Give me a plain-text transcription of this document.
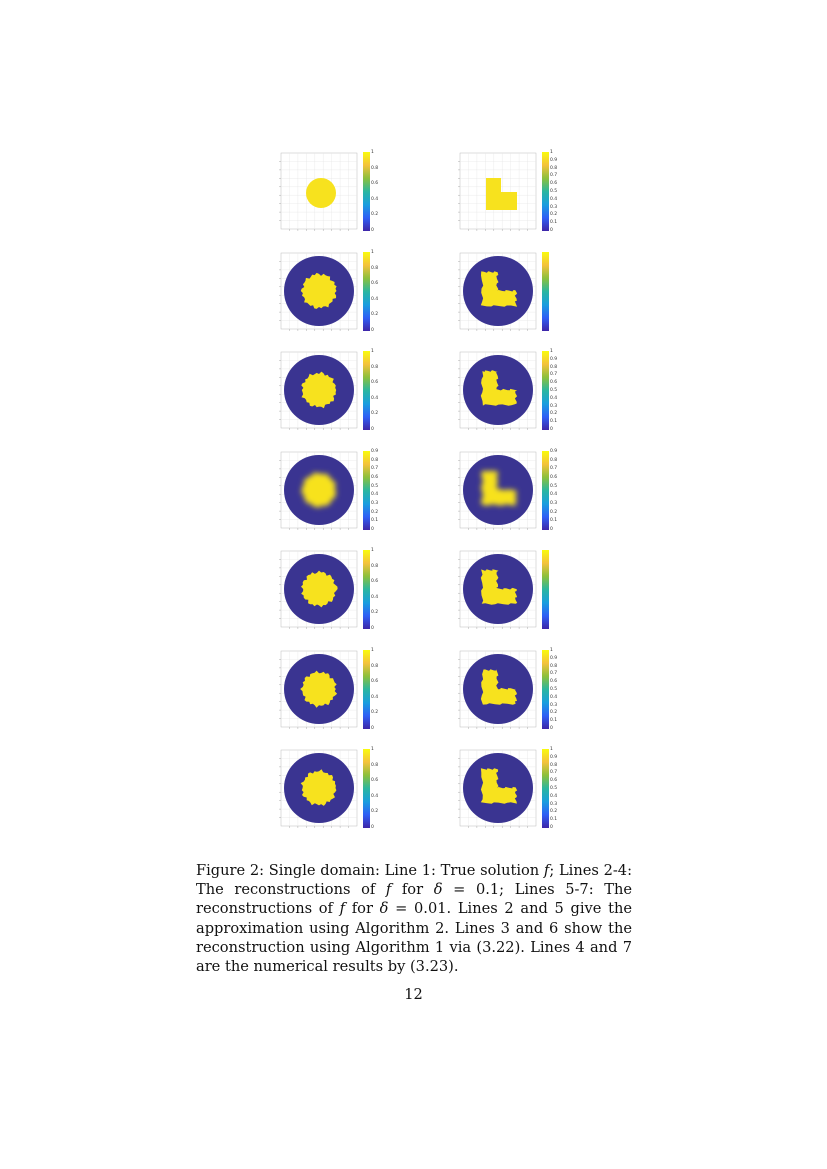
1
0.8
0.6
0.4
0.2
0
1
0.9
0.8
0.7
0.6
0.5
0.4
0.3
0.2
0.1
0
1
0.8
0.6
0.4
0.2
0
1
0.8
0.6
0.4
0.2
0
1
0.9
0.8
0.7
0.6
0.5
0.4
0.3
0.2
0.1
0
0.9
0.8
0.7
0.6
0.5
0.4
0.3
0.2
0.1
0
0.9
0.8
0.7
0.6
0.5
0.4
0.3
0.2
0.1
0
1
0.8
0.6
0.4
0.2
0
1
0.8
0.6
0.4
0.2
0
1
0.9
0.8
0.7
0.6
0.5
0.4
0.3
0.2
0.1
0
1
0.8
0.6
0.4
0.2
0
1
0.9
0.8
0.7
0.6
0.5
0.4
0.3
0.2
0.1
0
Figure 2: Single domain: Line 1: True solution f; Lines 2-4: The reconstructions of f for δ = 0.1; Lines 5-7: The reconstructions of f for δ = 0.01. Lines 2 and 5 give the approximation using Algorithm 2. Lines 3 and 6 show the reconstruction using Algorithm 1 via (3.22). Lines 4 and 7 are the numerical results by (3.23).
12
